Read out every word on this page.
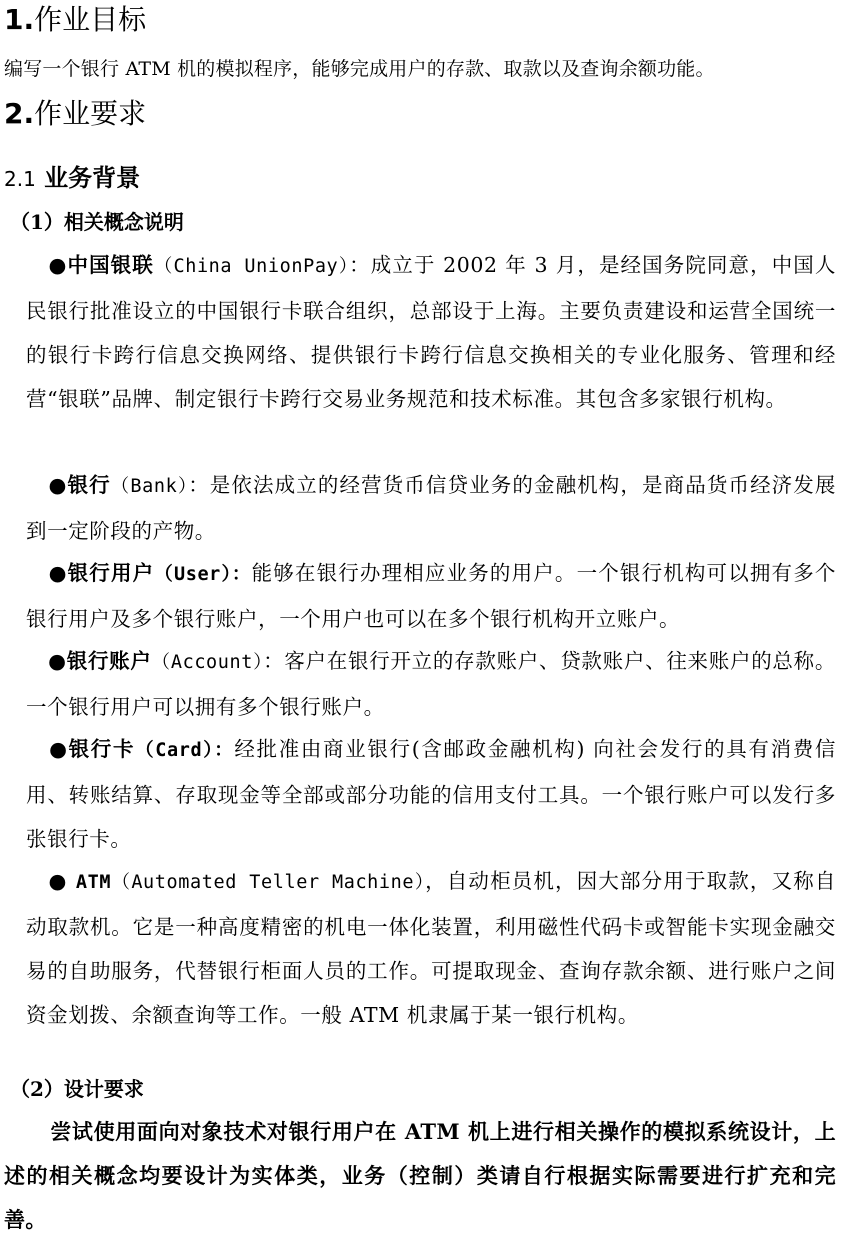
1.作业目标
编写一个银行 ATM 机的模拟程序，能够完成用户的存款、取款以及查询余额功能。
2.作业要求
2.1 业务背景
（1）相关概念说明
●中国银联（China UnionPay）：成立于 2002 年 3 月，是经国务院同意，中国人民银行批准设立的中国银行卡联合组织，总部设于上海。主要负责建设和运营全国统一的银行卡跨行信息交换网络、提供银行卡跨行信息交换相关的专业化服务、管理和经营“银联”品牌、制定银行卡跨行交易业务规范和技术标准。其包含多家银行机构。
●银行（Bank）：是依法成立的经营货币信贷业务的金融机构，是商品货币经济发展到一定阶段的产物。
●银行用户（User）：能够在银行办理相应业务的用户。一个银行机构可以拥有多个银行用户及多个银行账户，一个用户也可以在多个银行机构开立账户。
●银行账户（Account）：客户在银行开立的存款账户、贷款账户、往来账户的总称。一个银行用户可以拥有多个银行账户。
●银行卡（Card）：经批准由商业银行(含邮政金融机构) 向社会发行的具有消费信用、转账结算、存取现金等全部或部分功能的信用支付工具。一个银行账户可以发行多张银行卡。
● ATM（Automated Teller Machine），自动柜员机，因大部分用于取款，又称自动取款机。它是一种高度精密的机电一体化装置，利用磁性代码卡或智能卡实现金融交易的自助服务，代替银行柜面人员的工作。可提取现金、查询存款余额、进行账户之间资金划拨、余额查询等工作。一般 ATM 机隶属于某一银行机构。
（2）设计要求
尝试使用面向对象技术对银行用户在 ATM 机上进行相关操作的模拟系统设计，上述的相关概念均要设计为实体类，业务（控制）类请自行根据实际需要进行扩充和完善。
